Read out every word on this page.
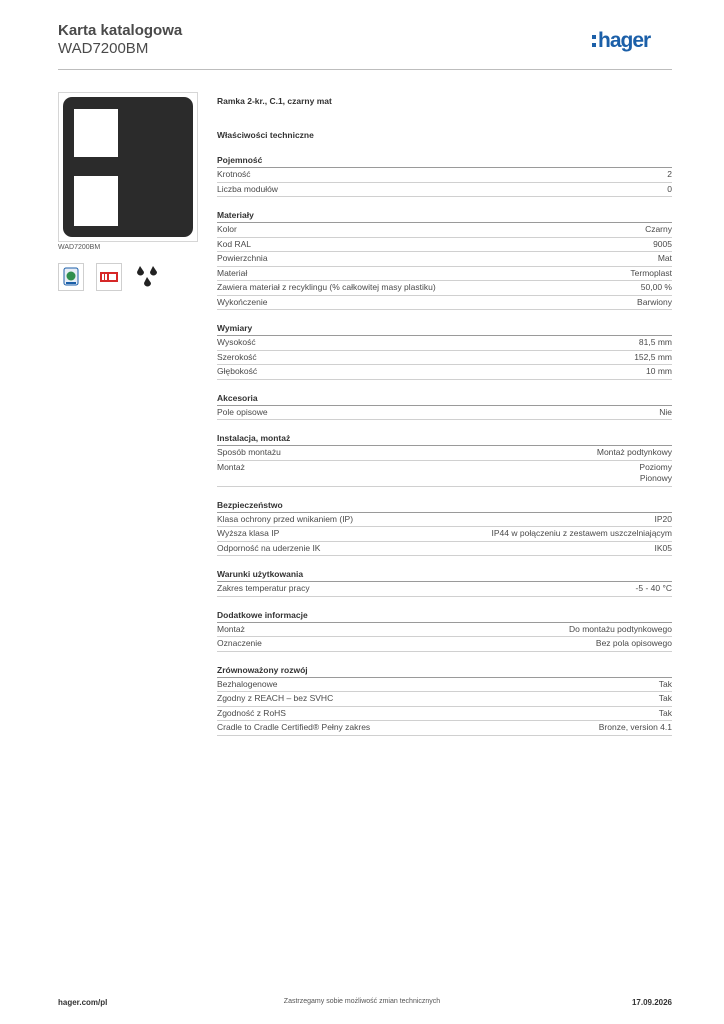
Karta katalogowa
WAD7200BM	hager
WAD7200BM
Ramka 2-kr., C.1, czarny mat
Właściwości techniczne
Pojemność
Krotność	2
Liczba modułów	0
Materiały
Kolor	Czarny
Kod RAL	9005
Powierzchnia	Mat
Materiał	Termoplast
Zawiera materiał z recyklingu (% całkowitej masy plastiku)	50,00 %
Wykończenie	Barwiony
Wymiary
Wysokość	81,5 mm
Szerokość	152,5 mm
Głębokość	10 mm
Akcesoria
Pole opisowe	Nie
Instalacja, montaż
Sposób montażu	Montaż podtynkowy
Montaż	Poziomy
Pionowy
Bezpieczeństwo
Klasa ochrony przed wnikaniem (IP)	IP20
Wyższa klasa IP	IP44 w połączeniu z zestawem uszczelniającym
Odporność na uderzenie IK	IK05
Warunki użytkowania
Zakres temperatur pracy	-5 - 40 °C
Dodatkowe informacje
Montaż	Do montażu podtynkowego
Oznaczenie	Bez pola opisowego
Zrównoważony rozwój
Bezhalogenowe	Tak
Zgodny z REACH – bez SVHC	Tak
Zgodność z RoHS	Tak
Cradle to Cradle Certified® Pełny zakres	Bronze, version 4.1
hager.com/pl	Zastrzegamy sobie możliwość zmian technicznych	17.09.2026
